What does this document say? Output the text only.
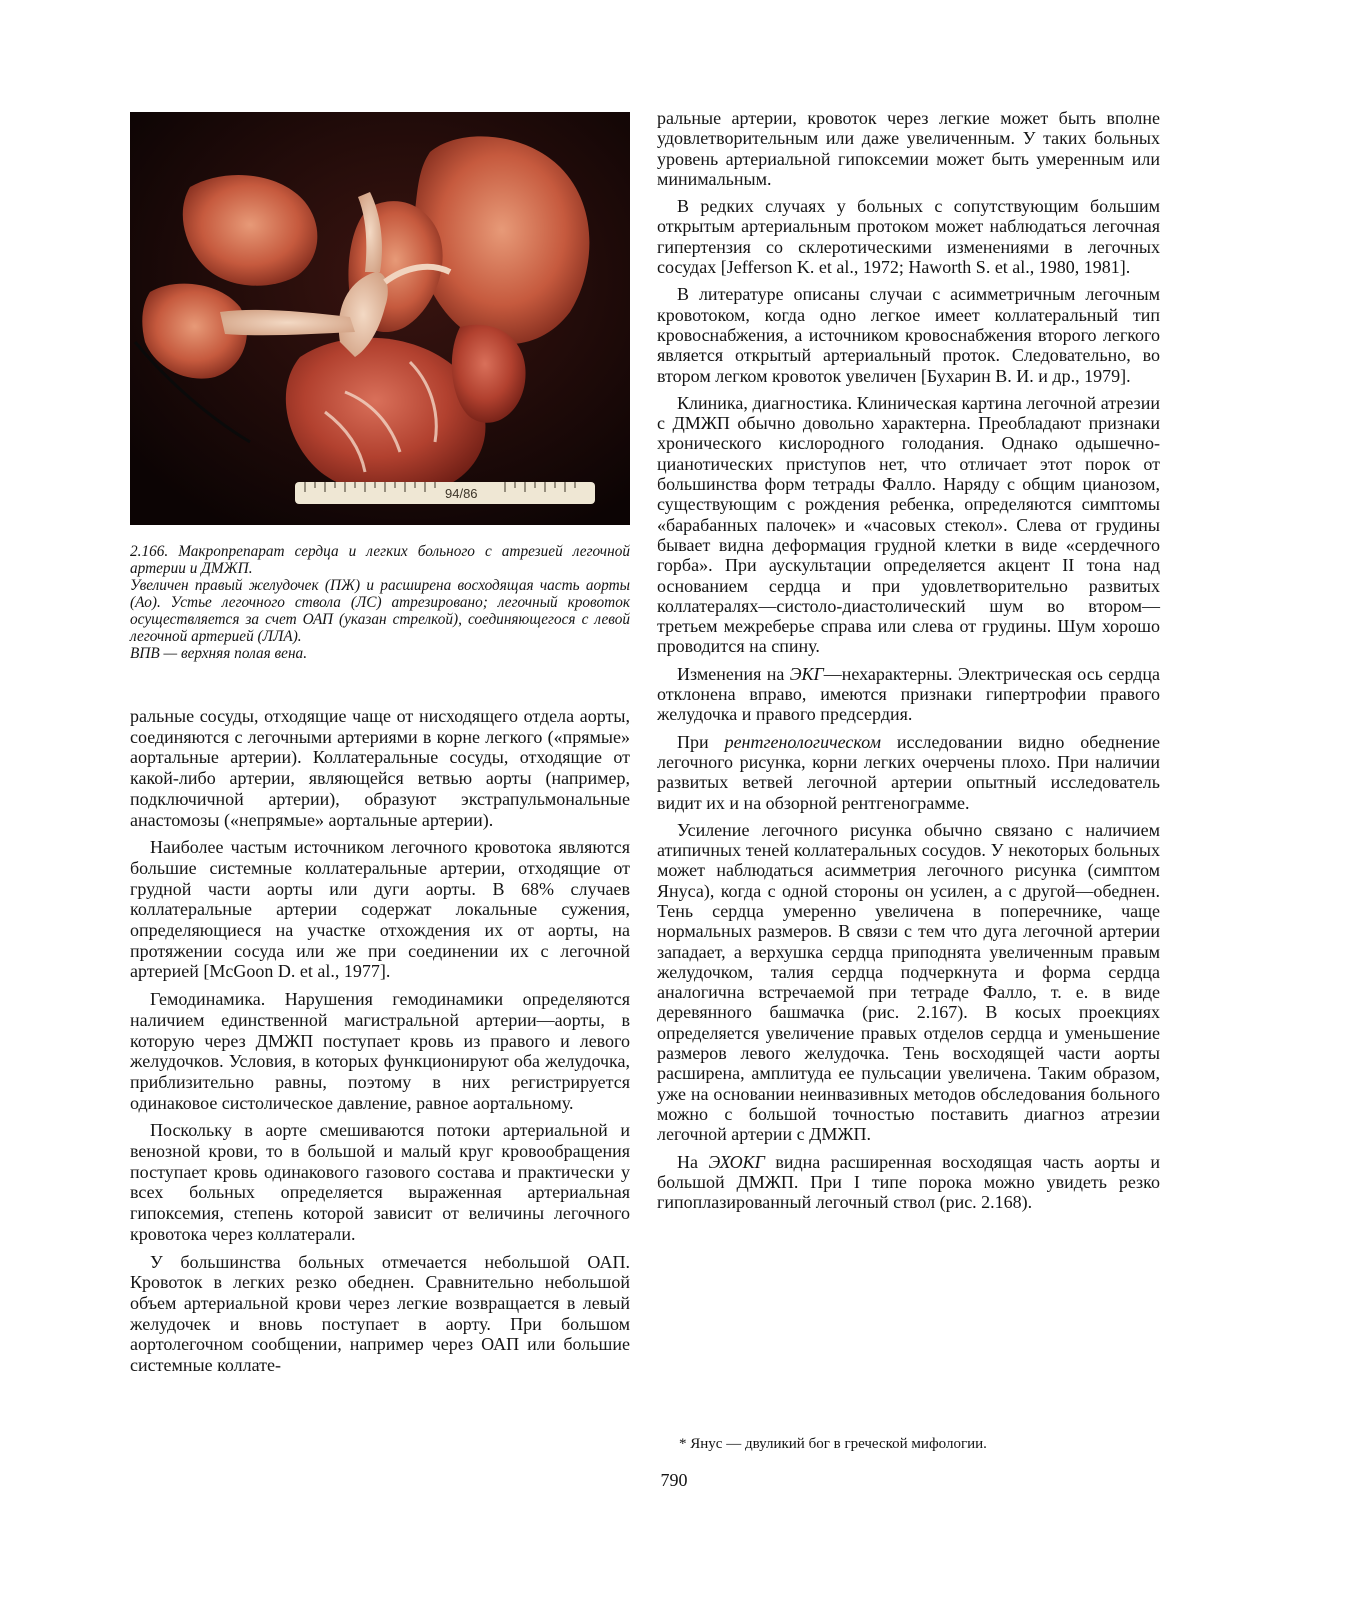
94/86

2.166. Макропрепарат сердца и легких больного с атрезией легочной артерии и ДМЖП.

Увеличен правый желудочек (ПЖ) и расширена восходящая часть аорты (Ао). Устье легочного ствола (ЛС) атрезировано; легочный кровоток осуществляется за счет ОАП (указан стрелкой), соединяющегося с левой легочной артерией (ЛЛА).

ВПВ — верхняя полая вена.

ральные сосуды, отходящие чаще от нисходящего отдела аорты, соединяются с легочными артериями в корне легкого («прямые» аортальные артерии). Коллатеральные сосуды, отходящие от какой-либо артерии, являющейся ветвью аорты (например, подключичной артерии), образуют экстрапульмональные анастомозы («непрямые» аортальные артерии).

Наиболее частым источником легочного кровотока являются большие системные коллатеральные артерии, отходящие от грудной части аорты или дуги аорты. В 68% случаев коллатеральные артерии содержат локальные сужения, определяющиеся на участке отхождения их от аорты, на протяжении сосуда или же при соединении их с легочной артерией [McGoon D. et al., 1977].

Гемодинамика. Нарушения гемодинамики определяются наличием единственной магистральной артерии—аорты, в которую через ДМЖП поступает кровь из правого и левого желудочков. Условия, в которых функционируют оба желудочка, приблизительно равны, поэтому в них регистрируется одинаковое систолическое давление, равное аортальному.

Поскольку в аорте смешиваются потоки артериальной и венозной крови, то в большой и малый круг кровообращения поступает кровь одинакового газового состава и практически у всех больных определяется выраженная артериальная гипоксемия, степень которой зависит от величины легочного кровотока через коллатерали.

У большинства больных отмечается небольшой ОАП. Кровоток в легких резко обеднен. Сравнительно небольшой объем артериальной крови через легкие возвращается в левый желудочек и вновь поступает в аорту. При большом аортолегочном сообщении, например через ОАП или большие системные коллате-

ральные артерии, кровоток через легкие может быть вполне удовлетворительным или даже увеличенным. У таких больных уровень артериальной гипоксемии может быть умеренным или минимальным.

В редких случаях у больных с сопутствующим большим открытым артериальным протоком может наблюдаться легочная гипертензия со склеротическими изменениями в легочных сосудах [Jefferson K. et al., 1972; Haworth S. et al., 1980, 1981].

В литературе описаны случаи с асимметричным легочным кровотоком, когда одно легкое имеет коллатеральный тип кровоснабжения, а источником кровоснабжения второго легкого является открытый артериальный проток. Следовательно, во втором легком кровоток увеличен [Бухарин В. И. и др., 1979].

Клиника, диагностика. Клиническая картина легочной атрезии с ДМЖП обычно довольно характерна. Преобладают признаки хронического кислородного голодания. Однако одышечно-цианотических приступов нет, что отличает этот порок от большинства форм тетрады Фалло. Наряду с общим цианозом, существующим с рождения ребенка, определяются симптомы «барабанных палочек» и «часовых стекол». Слева от грудины бывает видна деформация грудной клетки в виде «сердечного горба». При аускультации определяется акцент II тона над основанием сердца и при удовлетворительно развитых коллатералях—систоло-диастолический шум во втором—третьем межреберье справа или слева от грудины. Шум хорошо проводится на спину.

Изменения на ЭКГ—нехарактерны. Электрическая ось сердца отклонена вправо, имеются признаки гипертрофии правого желудочка и правого предсердия.

При рентгенологическом исследовании видно обеднение легочного рисунка, корни легких очерчены плохо. При наличии развитых ветвей легочной артерии опытный исследователь видит их и на обзорной рентгенограмме.

Усиление легочного рисунка обычно связано с наличием атипичных теней коллатеральных сосудов. У некоторых больных может наблюдаться асимметрия легочного рисунка (симптом Януса), когда с одной стороны он усилен, а с другой—обеднен. Тень сердца умеренно увеличена в поперечнике, чаще нормальных размеров. В связи с тем что дуга легочной артерии западает, а верхушка сердца приподнята увеличенным правым желудочком, талия сердца подчеркнута и форма сердца аналогична встречаемой при тетраде Фалло, т. е. в виде деревянного башмачка (рис. 2.167). В косых проекциях определяется увеличение правых отделов сердца и уменьшение размеров левого желудочка. Тень восходящей части аорты расширена, амплитуда ее пульсации увеличена. Таким образом, уже на основании неинвазивных методов обследования больного можно с большой точностью поставить диагноз атрезии легочной артерии с ДМЖП.

На ЭХОКГ видна расширенная восходящая часть аорты и большой ДМЖП. При I типе порока можно увидеть резко гипоплазированный легочный ствол (рис. 2.168).

* Янус — двуликий бог в греческой мифологии.
790
